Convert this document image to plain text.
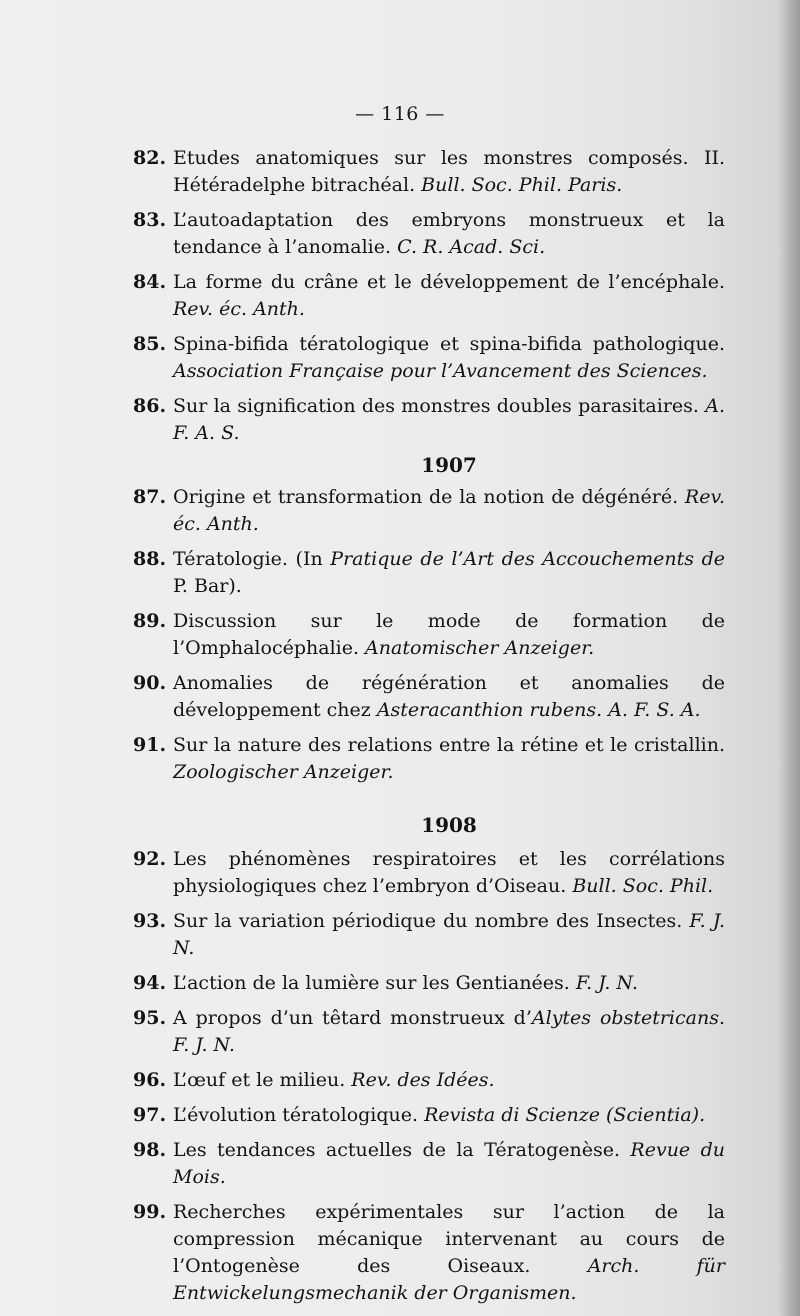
— 116 —
82. Etudes anatomiques sur les monstres composés. II. Hétéradelphe bitrachéal. Bull. Soc. Phil. Paris.
83. L’autoadaptation des embryons monstrueux et la tendance à l’anomalie. C. R. Acad. Sci.
84. La forme du crâne et le développement de l’encéphale. Rev. éc. Anth.
85. Spina-bifida tératologique et spina-bifida pathologique. Association Française pour l’Avancement des Sciences.
86. Sur la signification des monstres doubles parasitaires. A. F. A. S.
1907
87. Origine et transformation de la notion de dégénéré. Rev. éc. Anth.
88. Tératologie. (In Pratique de l’Art des Accouchements de P. Bar).
89. Discussion sur le mode de formation de l’Omphalocéphalie. Anatomischer Anzeiger.
90. Anomalies de régénération et anomalies de développement chez Asteracanthion rubens. A. F. S. A.
91. Sur la nature des relations entre la rétine et le cristallin. Zoologischer Anzeiger.
1908
92. Les phénomènes respiratoires et les corrélations physiologiques chez l’embryon d’Oiseau. Bull. Soc. Phil.
93. Sur la variation périodique du nombre des Insectes. F. J. N.
94. L’action de la lumière sur les Gentianées. F. J. N.
95. A propos d’un têtard monstrueux d’Alytes obstetricans. F. J. N.
96. L’œuf et le milieu. Rev. des Idées.
97. L’évolution tératologique. Revista di Scienze (Scientia).
98. Les tendances actuelles de la Tératogenèse. Revue du Mois.
99. Recherches expérimentales sur l’action de la compression mécanique intervenant au cours de l’Ontogenèse des Oiseaux. Arch. für Entwickelungsmechanik der Organismen.
